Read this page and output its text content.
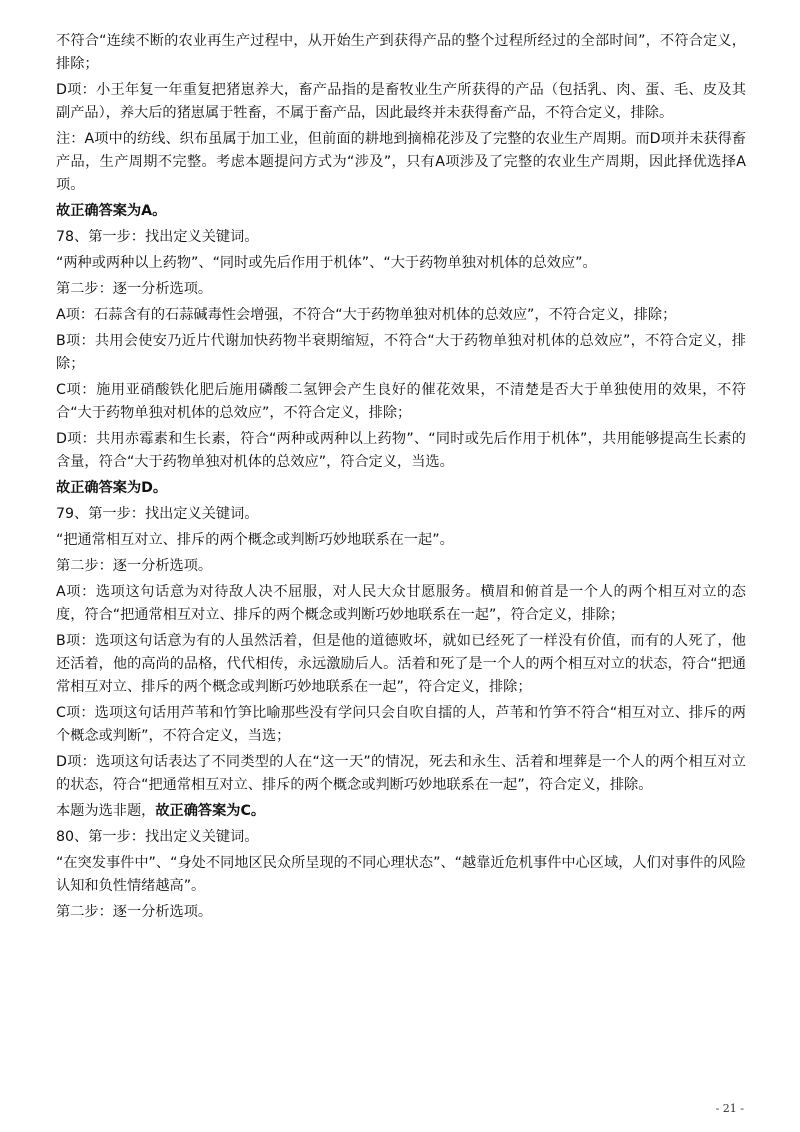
不符合“连续不断的农业再生产过程中，从开始生产到获得产品的整个过程所经过的全部时间”，不符合定义，排除；

D项：小王年复一年重复把猪崽养大，畜产品指的是畜牧业生产所获得的产品（包括乳、肉、蛋、毛、皮及其副产品），养大后的猪崽属于牲畜，不属于畜产品，因此最终并未获得畜产品，不符合定义，排除。

注：A项中的纺线、织布虽属于加工业，但前面的耕地到摘棉花涉及了完整的农业生产周期。而D项并未获得畜产品，生产周期不完整。考虑本题提问方式为“涉及”，只有A项涉及了完整的农业生产周期，因此择优选择A项。

故正确答案为A。

78、第一步：找出定义关键词。

“两种或两种以上药物”、“同时或先后作用于机体”、“大于药物单独对机体的总效应”。

第二步：逐一分析选项。

A项：石蒜含有的石蒜碱毒性会增强，不符合“大于药物单独对机体的总效应”，不符合定义，排除；

B项：共用会使安乃近片代谢加快药物半衰期缩短，不符合“大于药物单独对机体的总效应”，不符合定义，排除；

C项：施用亚硝酸铁化肥后施用磷酸二氢钾会产生良好的催花效果，不清楚是否大于单独使用的效果，不符合“大于药物单独对机体的总效应”，不符合定义，排除；

D项：共用赤霉素和生长素，符合“两种或两种以上药物”、“同时或先后作用于机体”，共用能够提高生长素的含量，符合“大于药物单独对机体的总效应”，符合定义，当选。

故正确答案为D。

79、第一步：找出定义关键词。

“把通常相互对立、排斥的两个概念或判断巧妙地联系在一起”。

第二步：逐一分析选项。

A项：选项这句话意为对待敌人决不屈服，对人民大众甘愿服务。横眉和俯首是一个人的两个相互对立的态度，符合“把通常相互对立、排斥的两个概念或判断巧妙地联系在一起”，符合定义，排除；

B项：选项这句话意为有的人虽然活着，但是他的道德败坏，就如已经死了一样没有价值，而有的人死了，他还活着，他的高尚的品格，代代相传，永远激励后人。活着和死了是一个人的两个相互对立的状态，符合“把通常相互对立、排斥的两个概念或判断巧妙地联系在一起”，符合定义，排除；

C项：选项这句话用芦苇和竹笋比喻那些没有学问只会自吹自擂的人，芦苇和竹笋不符合“相互对立、排斥的两个概念或判断”，不符合定义，当选；

D项：选项这句话表达了不同类型的人在“这一天”的情况，死去和永生、活着和埋葬是一个人的两个相互对立的状态，符合“把通常相互对立、排斥的两个概念或判断巧妙地联系在一起”，符合定义，排除。

本题为选非题，故正确答案为C。

80、第一步：找出定义关键词。

“在突发事件中”、“身处不同地区民众所呈现的不同心理状态”、“越靠近危机事件中心区域，人们对事件的风险认知和负性情绪越高”。

第二步：逐一分析选项。

- 21 -
